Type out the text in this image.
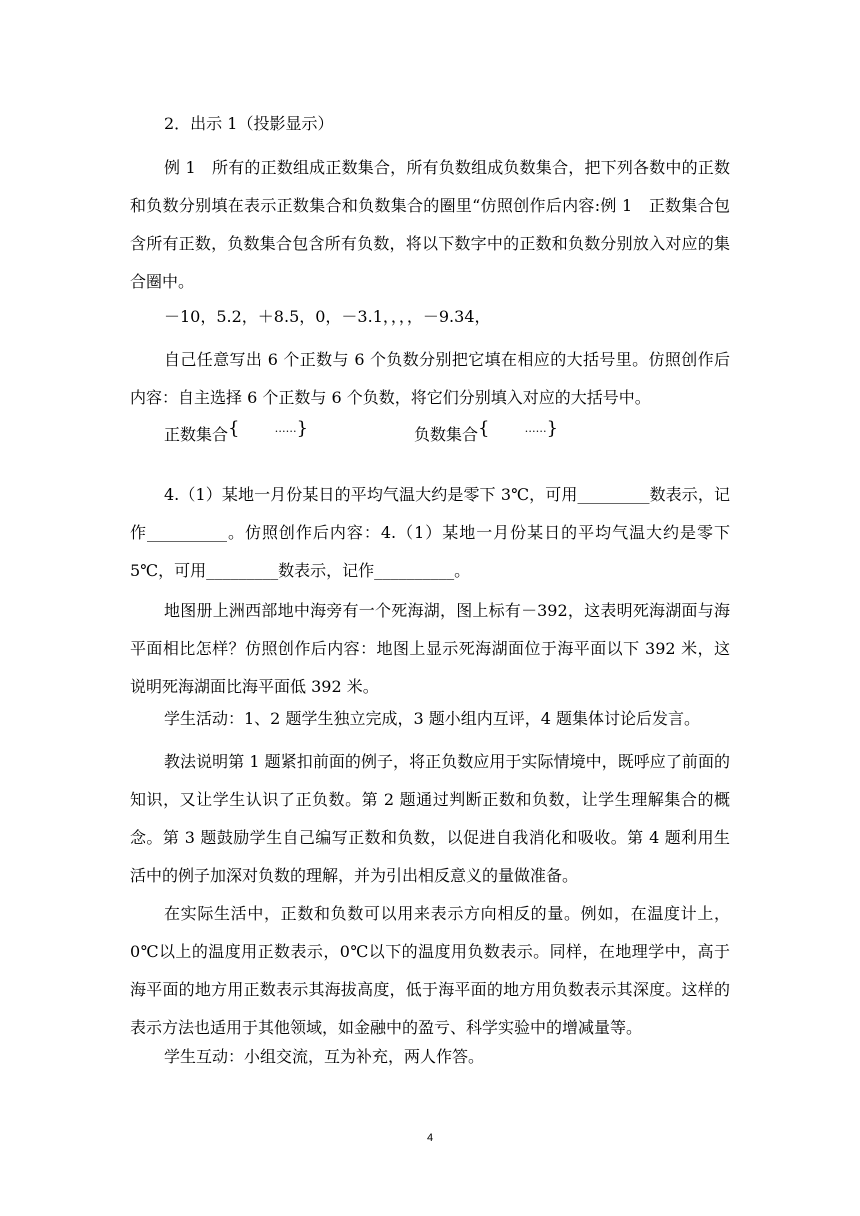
2．出示 1（投影显示）

例 1　所有的正数组成正数集合，所有负数组成负数集合，把下列各数中的正数和负数分别填在表示正数集合和负数集合的圈里“仿照创作后内容:例 1　正数集合包含所有正数，负数集合包含所有负数，将以下数字中的正数和负数分别放入对应的集合圈中。

－10，5.2，＋8.5，0，－3.1，，，，－9.34，

自己任意写出 6 个正数与 6 个负数分别把它填在相应的大括号里。仿照创作后内容：自主选择 6 个正数与 6 个负数，将它们分别填入对应的大括号中。

正数集合{	……}	负数集合{	……}

4.（1）某地一月份某日的平均气温大约是零下 3℃，可用_________数表示，记作__________。仿照创作后内容：4.（1）某地一月份某日的平均气温大约是零下 5℃，可用_________数表示，记作__________。

地图册上洲西部地中海旁有一个死海湖，图上标有－392，这表明死海湖面与海平面相比怎样？仿照创作后内容：地图上显示死海湖面位于海平面以下 392 米，这说明死海湖面比海平面低 392 米。

学生活动：1、2 题学生独立完成，3 题小组内互评，4 题集体讨论后发言。

教法说明第 1 题紧扣前面的例子，将正负数应用于实际情境中，既呼应了前面的知识，又让学生认识了正负数。第 2 题通过判断正数和负数，让学生理解集合的概念。第 3 题鼓励学生自己编写正数和负数，以促进自我消化和吸收。第 4 题利用生活中的例子加深对负数的理解，并为引出相反意义的量做准备。

在实际生活中，正数和负数可以用来表示方向相反的量。例如，在温度计上，0℃以上的温度用正数表示，0℃以下的温度用负数表示。同样，在地理学中，高于海平面的地方用正数表示其海拔高度，低于海平面的地方用负数表示其深度。这样的表示方法也适用于其他领域，如金融中的盈亏、科学实验中的增减量等。

学生互动：小组交流，互为补充，两人作答。

4
